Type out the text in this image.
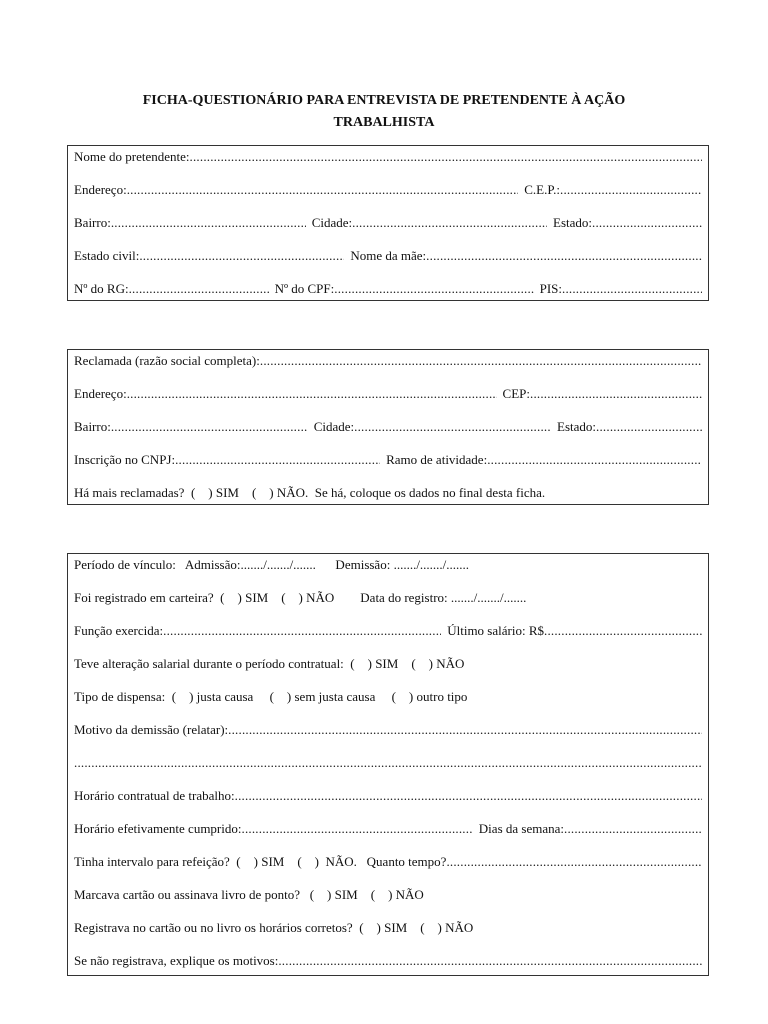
FICHA-QUESTIONÁRIO PARA ENTREVISTA DE PRETENDENTE À AÇÃO
TRABALHISTA
Nome do pretendente:
.....
Endereço: .....	C.E.P.:
.....
Bairro: .....	Cidade: .....	Estado:
.....
Estado civil: .....	Nome da mãe:
.....
Nº do RG: .....	Nº do CPF: .....	PIS:
.....
Reclamada (razão social completa):
.....
Endereço: .....	CEP:
.....
Bairro: .....	Cidade: .....	Estado:
.....
Inscrição no CNPJ: .....	Ramo de atividade:
.....
Há mais reclamadas?  (    ) SIM    (    ) NÃO.  Se há, coloque os dados no final desta ficha.
Período de vínculo:   Admissão:......./......./.......      Demissão: ......./......./.......
Foi registrado em carteira?  (    ) SIM    (    ) NÃO        Data do registro: ......./......./.......
Função exercida: .....	Último salário: R$
.....
Teve alteração salarial durante o período contratual:  (    ) SIM    (    ) NÃO
Tipo de dispensa:  (    ) justa causa     (    ) sem justa causa     (    ) outro tipo
Motivo da demissão (relatar):
.....
.....
Horário contratual de trabalho:
.....
Horário efetivamente cumprido: .....	Dias da semana:
.....
Tinha intervalo para refeição?  (    ) SIM    (    )  NÃO.   Quanto tempo?
.....
Marcava cartão ou assinava livro de ponto?   (    ) SIM    (    ) NÃO
Registrava no cartão ou no livro os horários corretos?  (    ) SIM    (    ) NÃO
Se não registrava, explique os motivos:
.....
